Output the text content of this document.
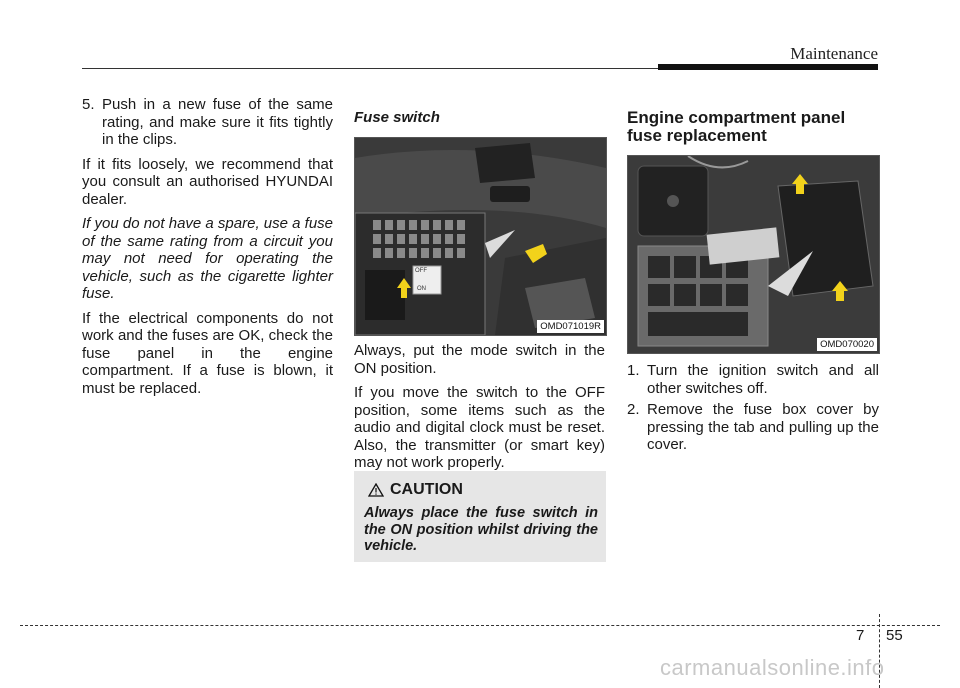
Maintenance
5. Push in a new fuse of the same rating, and make sure it fits tightly in the clips.

If it fits loosely, we recommend that you consult an authorised HYUNDAI dealer.

If you do not have a spare, use a fuse of the same rating from a circuit you may not need for operating the vehicle, such as the cigarette lighter fuse.

If the electrical components do not work and the fuses are OK, check the fuse panel in the engine compartment. If a fuse is blown, it must be replaced.

Fuse switch
OFF
ON
OMD071019R

Always, put the mode switch in the ON position.

If you move the switch to the OFF position, some items such as the audio and digital clock must be reset. Also, the transmitter (or smart key) may not work properly.

CAUTION
Always place the fuse switch in the ON position whilst driving the vehicle.
Engine compartment panel
fuse replacement
OMD070020
1. Turn the ignition switch and all other switches off.
2. Remove the fuse box cover by pressing the tab and pulling up the cover.
7 55
carmanualsonline.info
